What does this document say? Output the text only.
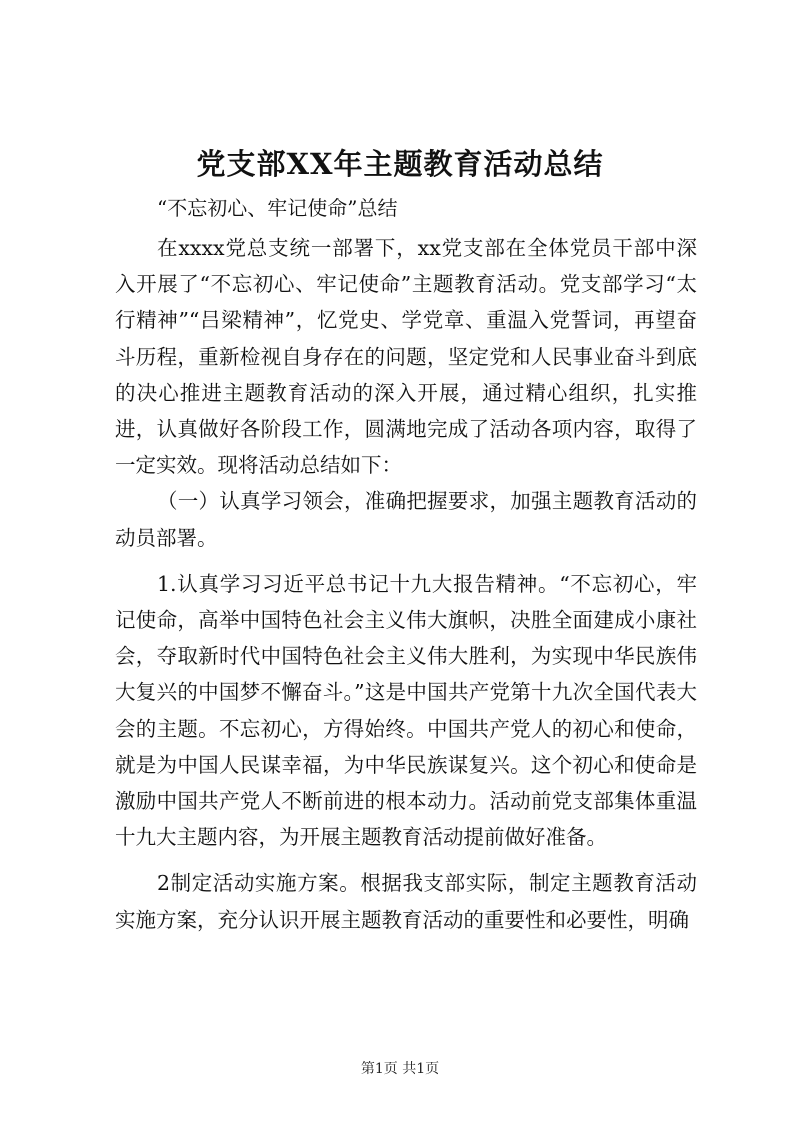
党支部XX年主题教育活动总结

“不忘初心、牢记使命”总结

在xxxx党总支统一部署下，xx党支部在全体党员干部中深入开展了“不忘初心、牢记使命”主题教育活动。党支部学习“太行精神”“吕梁精神”，忆党史、学党章、重温入党誓词，再望奋斗历程，重新检视自身存在的问题，坚定党和人民事业奋斗到底的决心推进主题教育活动的深入开展，通过精心组织，扎实推进，认真做好各阶段工作，圆满地完成了活动各项内容，取得了一定实效。现将活动总结如下：

（一）认真学习领会，准确把握要求，加强主题教育活动的动员部署。

1.认真学习习近平总书记十九大报告精神。“不忘初心，牢记使命，高举中国特色社会主义伟大旗帜，决胜全面建成小康社会，夺取新时代中国特色社会主义伟大胜利，为实现中华民族伟大复兴的中国梦不懈奋斗。”这是中国共产党第十九次全国代表大会的主题。不忘初心，方得始终。中国共产党人的初心和使命，就是为中国人民谋幸福，为中华民族谋复兴。这个初心和使命是激励中国共产党人不断前进的根本动力。活动前党支部集体重温十九大主题内容，为开展主题教育活动提前做好准备。

2制定活动实施方案。根据我支部实际，制定主题教育活动实施方案，充分认识开展主题教育活动的重要性和必要性，明确

第1页 共1页
